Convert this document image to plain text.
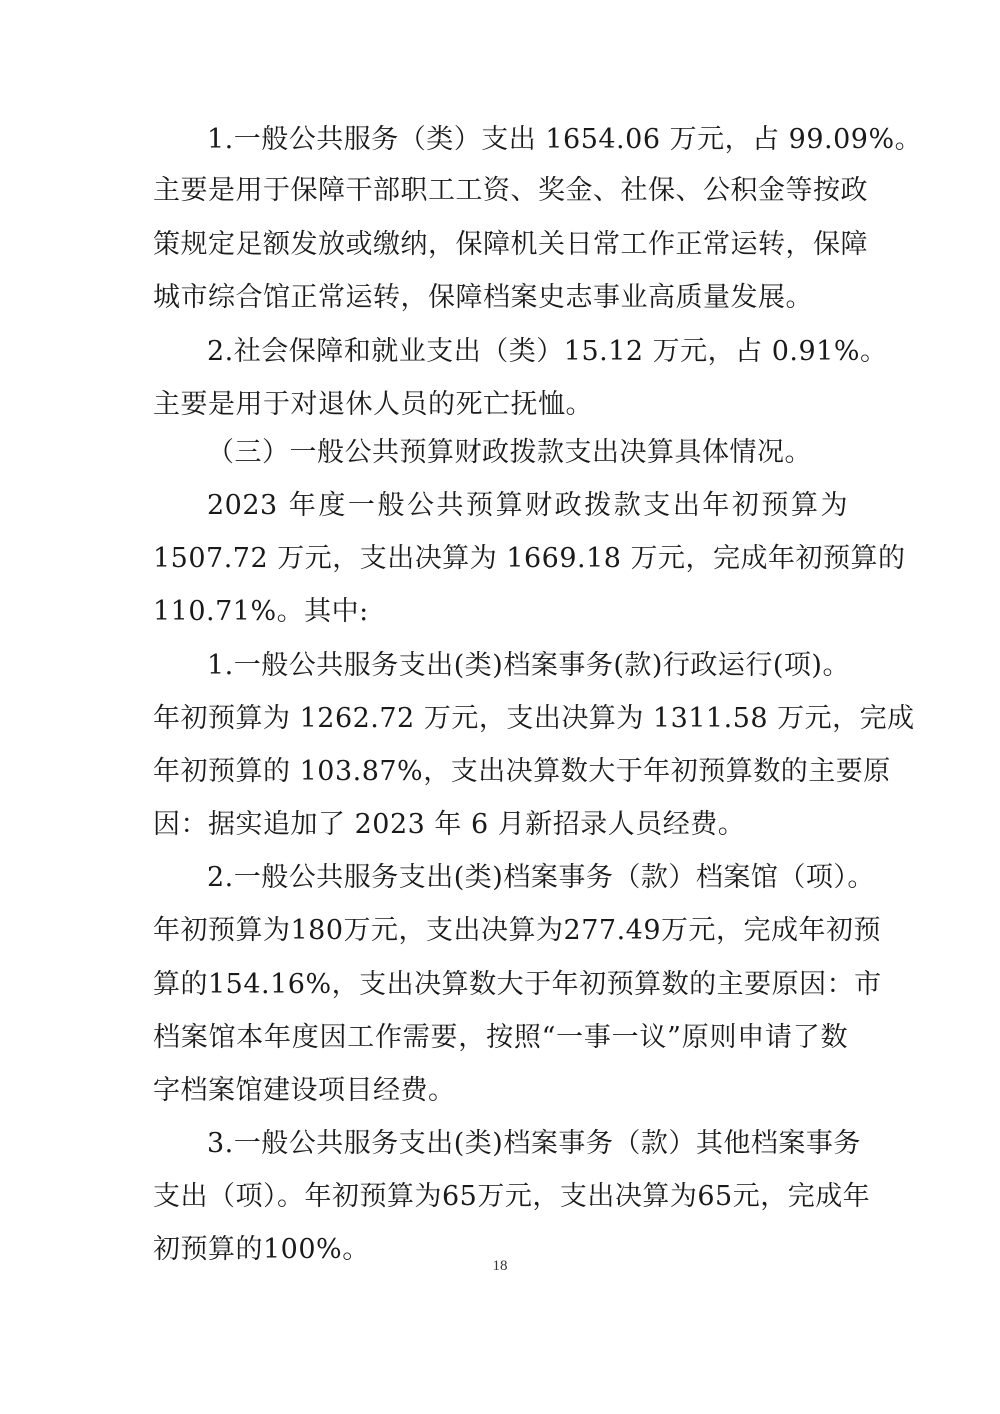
1.一般公共服务（类）支出 1654.06 万元，占 99.09%。
主要是用于保障干部职工工资、奖金、社保、公积金等按政
策规定足额发放或缴纳，保障机关日常工作正常运转，保障
城市综合馆正常运转，保障档案史志事业高质量发展。
2.社会保障和就业支出（类）15.12 万元，占 0.91%。
主要是用于对退休人员的死亡抚恤。
（三）一般公共预算财政拨款支出决算具体情况。
2023 年度一般公共预算财政拨款支出年初预算为
1507.72 万元，支出决算为 1669.18 万元，完成年初预算的
110.71%。其中:
1.一般公共服务支出(类)档案事务(款)行政运行(项)。
年初预算为 1262.72 万元，支出决算为 1311.58 万元，完成
年初预算的 103.87%，支出决算数大于年初预算数的主要原
因：据实追加了 2023 年 6 月新招录人员经费。
2.一般公共服务支出(类)档案事务（款）档案馆（项）。
年初预算为180万元，支出决算为277.49万元，完成年初预
算的154.16%，支出决算数大于年初预算数的主要原因：市
档案馆本年度因工作需要，按照“一事一议”原则申请了数
字档案馆建设项目经费。
3.一般公共服务支出(类)档案事务（款）其他档案事务
支出（项）。年初预算为65万元，支出决算为65元，完成年
初预算的100%。
18
